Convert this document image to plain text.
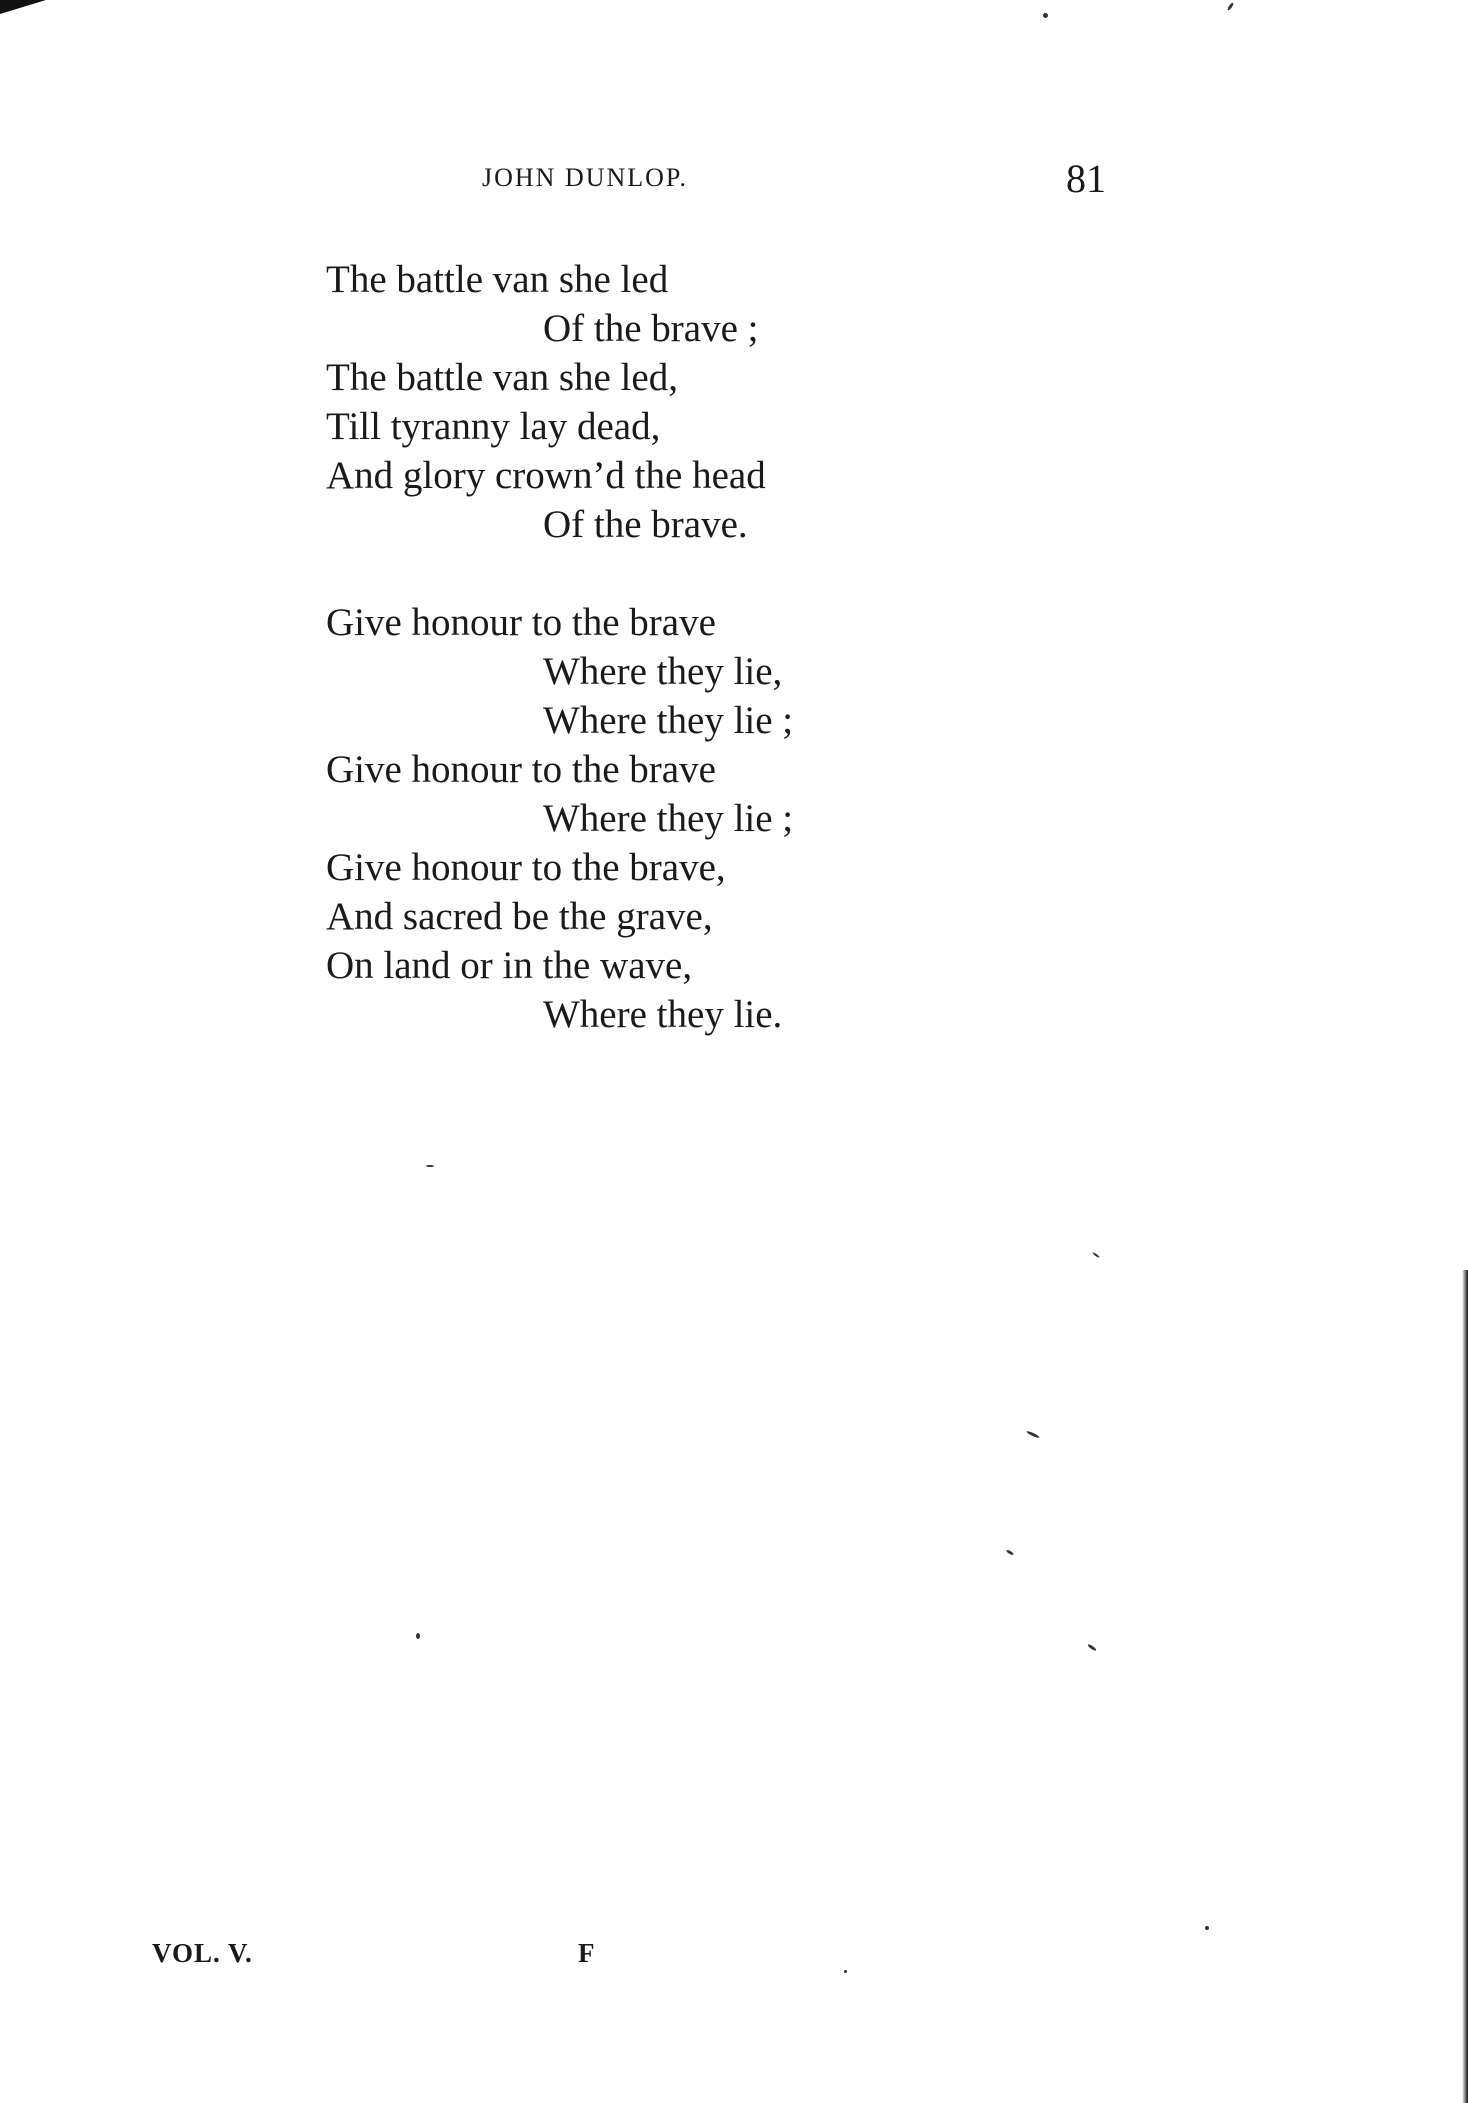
JOHN DUNLOP.	81
The battle van she led
Of the brave ;
The battle van she led,
Till tyranny lay dead,
And glory crown’d the head
Of the brave.
Give honour to the brave
Where they lie,
Where they lie ;
Give honour to the brave
Where they lie ;
Give honour to the brave,
And sacred be the grave,
On land or in the wave,
Where they lie.
VOL. V.	F
